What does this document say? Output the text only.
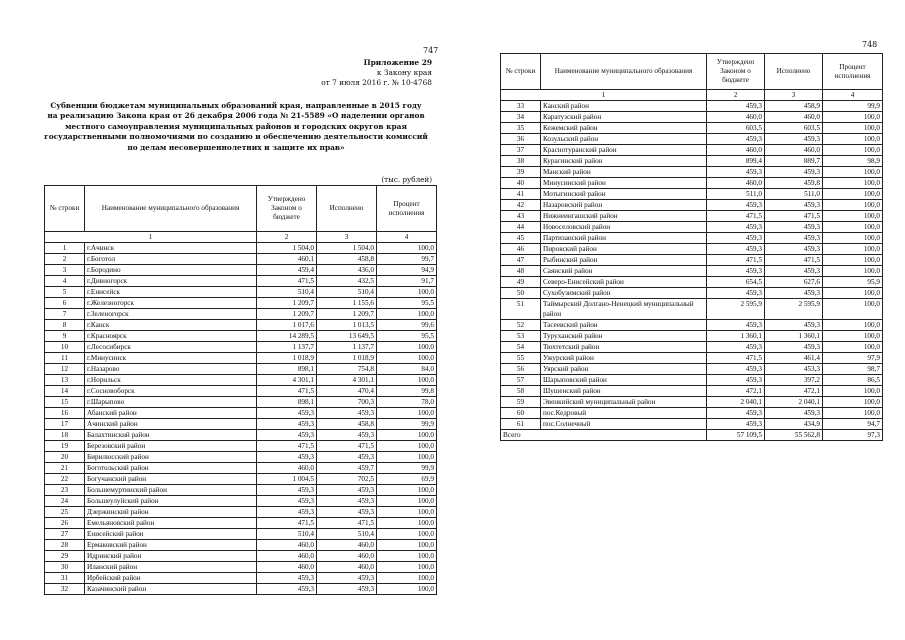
747
Приложение 29
к Закону края
от 7 июля 2016 г. № 10-4768
Субвенции бюджетам муниципальных образований края, направленные в 2015 году
на реализацию Закона края от 26 декабря 2006 года № 21-5589 «О наделении органов
местного самоуправления муниципальных районов и городских округов края
государственными полномочиями по созданию и обеспечению деятельности комиссий
по делам несовершеннолетних и защите их прав»
(тыс. рублей)
№ строки	Наименование муниципального образования	Утверждено Законом о бюджете	Исполнено	Процент исполнения
1		2	3	4
1	г.Ачинск	1 504,0	1 504,0	100,0
2	г.Боготол	460,1	458,8	99,7
3	г.Бородино	459,4	436,0	94,9
4	г.Дивногорск	471,5	432,5	91,7
5	г.Енисейск	510,4	510,4	100,0
6	г.Железногорск	1 209,7	1 155,6	95,5
7	г.Зеленогорск	1 209,7	1 209,7	100,0
8	г.Канск	1 017,6	1 013,5	99,6
9	г.Красноярск	14 289,5	13 649,5	95,5
10	г.Лесосибирск	1 137,7	1 137,7	100,0
11	г.Минусинск	1 018,9	1 018,9	100,0
12	г.Назарово	898,1	754,8	84,0
13	г.Норильск	4 301,1	4 301,1	100,0
14	г.Сосновоборск	471,5	470,4	99,8
15	г.Шарыпово	898,1	700,3	78,0
16	Абанский район	459,3	459,3	100,0
17	Ачинский район	459,3	458,8	99,9
18	Балахтинский район	459,3	459,3	100,0
19	Березовский район	471,5	471,5	100,0
20	Бирилюсский район	459,3	459,3	100,0
21	Боготольский район	460,0	459,7	99,9
22	Богучанский район	1 004,5	702,5	69,9
23	Большемуртинский район	459,3	459,3	100,0
24	Большеулуйский район	459,3	459,3	100,0
25	Дзержинский район	459,3	459,3	100,0
26	Емельяновский район	471,5	471,5	100,0
27	Енисейский район	510,4	510,4	100,0
28	Ермаковский район	460,0	460,0	100,0
29	Идринский район	460,0	460,0	100,0
30	Иланский район	460,0	460,0	100,0
31	Ирбейский район	459,3	459,3	100,0
32	Казачинский район	459,3	459,3	100,0
748
№ строки	Наименование муниципального образования	Утверждено Законом о бюджете	Исполнено	Процент исполнения
1		2	3	4
33	Канский район	459,3	458,9	99,9
34	Каратузский район	460,0	460,0	100,0
35	Кежемский район	603,5	603,5	100,0
36	Козульский район	459,3	459,3	100,0
37	Краснотуранский район	460,0	460,0	100,0
38	Курагинский район	899,4	889,7	98,9
39	Манский район	459,3	459,3	100,0
40	Минусинский район	460,0	459,8	100,0
41	Мотыгинский район	511,0	511,0	100,0
42	Назаровский район	459,3	459,3	100,0
43	Нижнеингашский район	471,5	471,5	100,0
44	Новоселовский район	459,3	459,3	100,0
45	Партизанский район	459,3	459,3	100,0
46	Пировский район	459,3	459,3	100,0
47	Рыбинский район	471,5	471,5	100,0
48	Саянский район	459,3	459,3	100,0
49	Северо-Енисейский район	654,5	627,6	95,9
50	Сухобузимский район	459,3	459,3	100,0
51	Таймырский Долгано-Ненецкий муниципальный район	2 595,9	2 595,9	100,0
52	Тасеевский район	459,3	459,3	100,0
53	Туруханский район	1 360,1	1 360,1	100,0
54	Тюхтетский район	459,3	459,3	100,0
55	Ужурский район	471,5	461,4	97,9
56	Уярский район	459,3	453,3	98,7
57	Шарыповский район	459,3	397,2	86,5
58	Шушенский район	472,1	472,1	100,0
59	Эвенкийский муниципальный район	2 040,1	2 040,1	100,0
60	пос.Кедровый	459,3	459,3	100,0
61	пос.Солнечный	459,3	434,9	94,7
Всего		57 109,5	55 562,8	97,3
